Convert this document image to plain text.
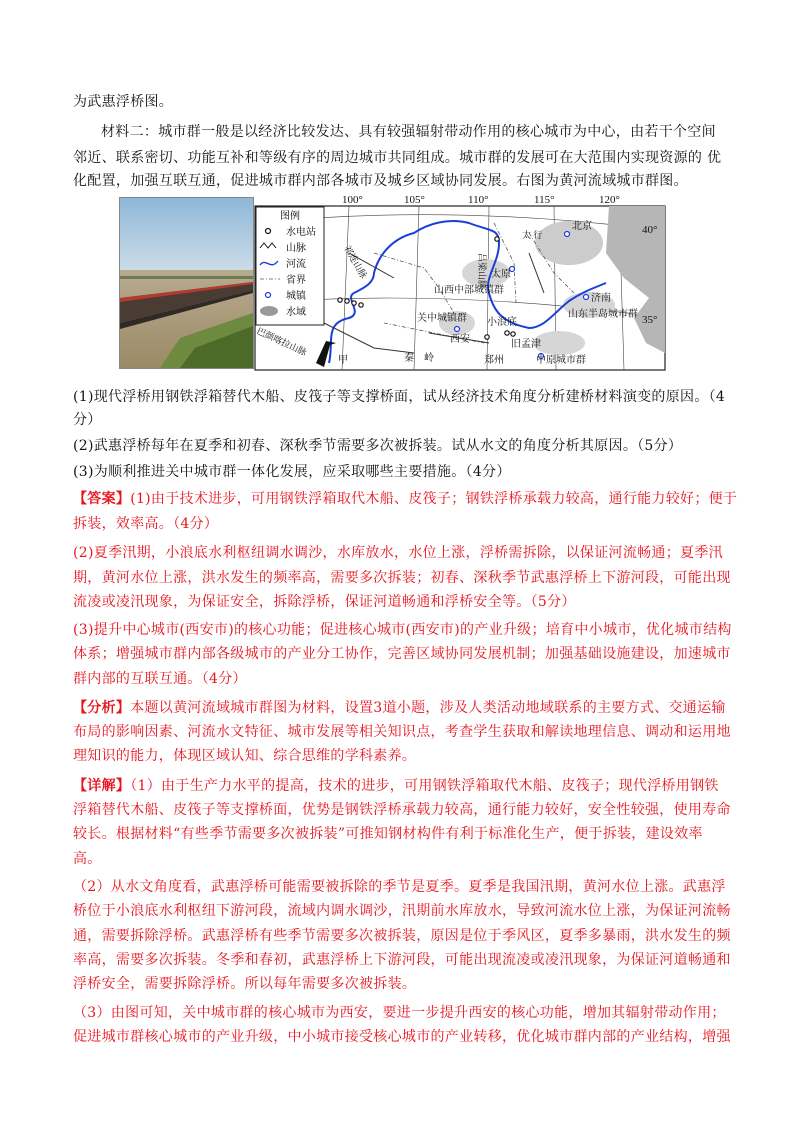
为武惠浮桥图。
材料二：城市群一般是以经济比较发达、具有较强辐射带动作用的核心城市为中心，由若干个空间
邻近、联系密切、功能互补和等级有序的周边城市共同组成。城市群的发展可在大范围内实现资源的 优
化配置，加强互联互通，促进城市群内部各城市及城乡区域协同发展。右图为黄河流域城市群图。
100°	105°	110°	115°	120°
40°
35°
北京
太原
山西中部城镇群
济南
山东半岛城市群
关中城镇群 小浪底
西安	旧孟津
郑州	中原城市群
甲	秦　岭
祁连山脉
巴颜喀拉山脉
吕梁山脉
太 行
图例
水电站
山脉
河流
省界
城镇
水域
(1)现代浮桥用钢铁浮箱替代木船、皮筏子等支撑桥面，试从经济技术角度分析建桥材料演变的原因。（4
分）
(2)武惠浮桥每年在夏季和初春、深秋季节需要多次被拆装。试从水文的角度分析其原因。（5分）
(3)为顺利推进关中城市群一体化发展，应采取哪些主要措施。（4分）
【答案】(1)由于技术进步，可用钢铁浮箱取代木船、皮筏子；钢铁浮桥承载力较高，通行能力较好；便于
拆装，效率高。（4分）
(2)夏季汛期，小浪底水利枢纽调水调沙，水库放水，水位上涨，浮桥需拆除，以保证河流畅通；夏季汛
期，黄河水位上涨，洪水发生的频率高，需要多次拆装；初春、深秋季节武惠浮桥上下游河段，可能出现
流凌或凌汛现象，为保证安全，拆除浮桥，保证河道畅通和浮桥安全等。（5分）
(3)提升中心城市(西安市)的核心功能；促进核心城市(西安市)的产业升级；培育中小城市，优化城市结构
体系；增强城市群内部各级城市的产业分工协作，完善区域协同发展机制；加强基础设施建设，加速城市
群内部的互联互通。（4分）
【分析】本题以黄河流域城市群图为材料，设置3道小题，涉及人类活动地域联系的主要方式、交通运输
布局的影响因素、河流水文特征、城市发展等相关知识点，考查学生获取和解读地理信息、调动和运用地
理知识的能力，体现区域认知、综合思维的学科素养。
【详解】（1）由于生产力水平的提高，技术的进步，可用钢铁浮箱取代木船、皮筏子；现代浮桥用钢铁
浮箱替代木船、皮筏子等支撑桥面，优势是钢铁浮桥承载力较高，通行能力较好，安全性较强，使用寿命
较长。根据材料“有些季节需要多次被拆装”可推知钢材构件有利于标准化生产，便于拆装，建设效率
高。
（2）从水文角度看，武惠浮桥可能需要被拆除的季节是夏季。夏季是我国汛期，黄河水位上涨。武惠浮
桥位于小浪底水利枢纽下游河段，流域内调水调沙，汛期前水库放水，导致河流水位上涨，为保证河流畅
通，需要拆除浮桥。武惠浮桥有些季节需要多次被拆装，原因是位于季风区，夏季多暴雨，洪水发生的频
率高，需要多次拆装。冬季和春初，武惠浮桥上下游河段，可能出现流凌或凌汛现象，为保证河道畅通和
浮桥安全，需要拆除浮桥。所以每年需要多次被拆装。
（3）由图可知，关中城市群的核心城市为西安，要进一步提升西安的核心功能，增加其辐射带动作用；
促进城市群核心城市的产业升级，中小城市接受核心城市的产业转移，优化城市群内部的产业结构，增强
